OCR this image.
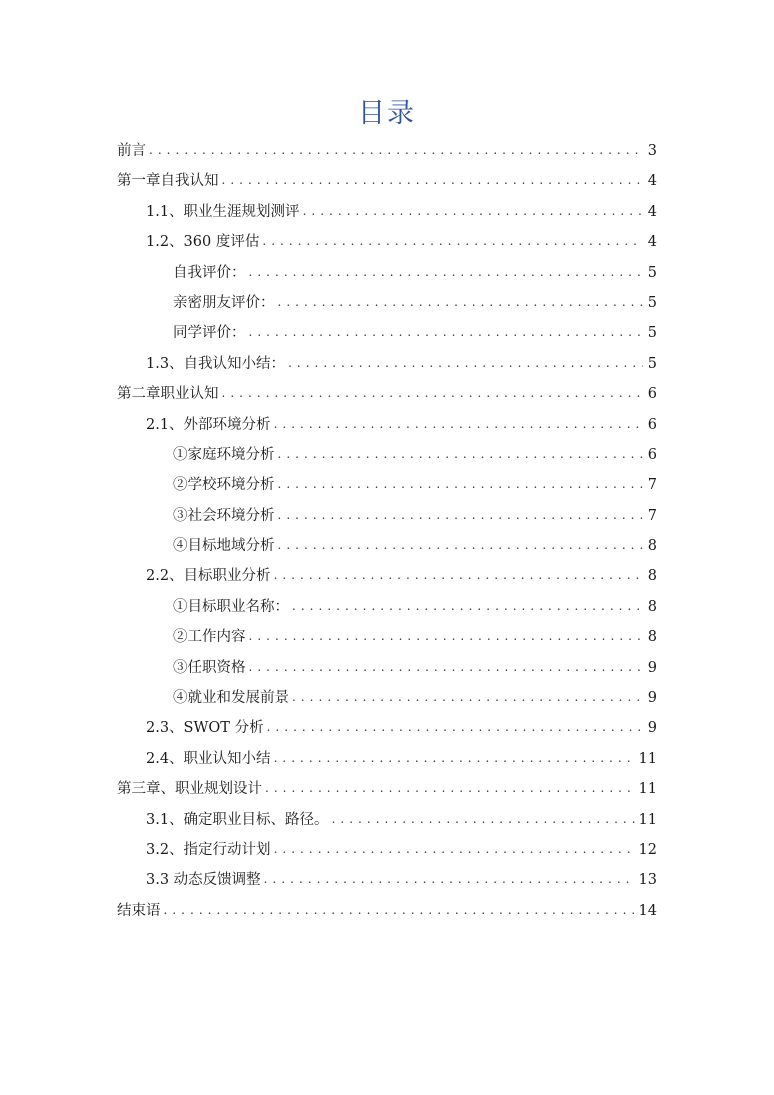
目录
前言 . . .	3
第一章自我认知 . . .	4
1.1、职业生涯规划测评 . . .	4
1.2、360 度评估 . . .	4
自我评价： . . .	5
亲密朋友评价： . . .	5
同学评价： . . .	5
1.3、自我认知小结： . . .	5
第二章职业认知 . . .	6
2.1、外部环境分析 . . .	6
①家庭环境分析 . . .	6
②学校环境分析 . . .	7
③社会环境分析 . . .	7
④目标地域分析 . . .	8
2.2、目标职业分析 . . .	8
①目标职业名称： . . .	8
②工作内容 . . .	8
③任职资格 . . .	9
④就业和发展前景 . . .	9
2.3、SWOT 分析 . . .	9
2.4、职业认知小结 . . .	11
第三章、职业规划设计 . . .	11
3.1、确定职业目标、路径。 . . .	11
3.2、指定行动计划 . . .	12
3.3 动态反馈调整 . . .	13
结束语 . . .	14
